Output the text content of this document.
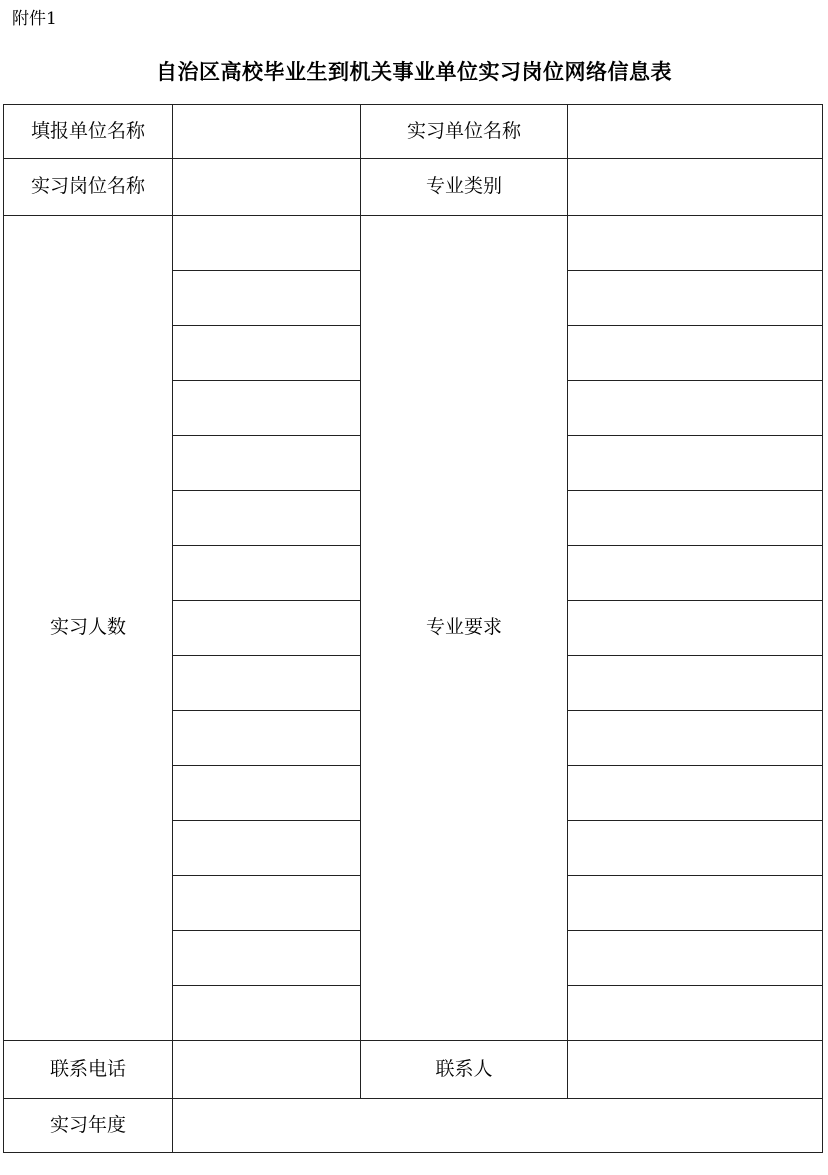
附件1
自治区高校毕业生到机关事业单位实习岗位网络信息表
填报单位名称		实习单位名称	
实习岗位名称		专业类别	
实习人数		专业要求	

联系电话		联系人	
实习年度			
